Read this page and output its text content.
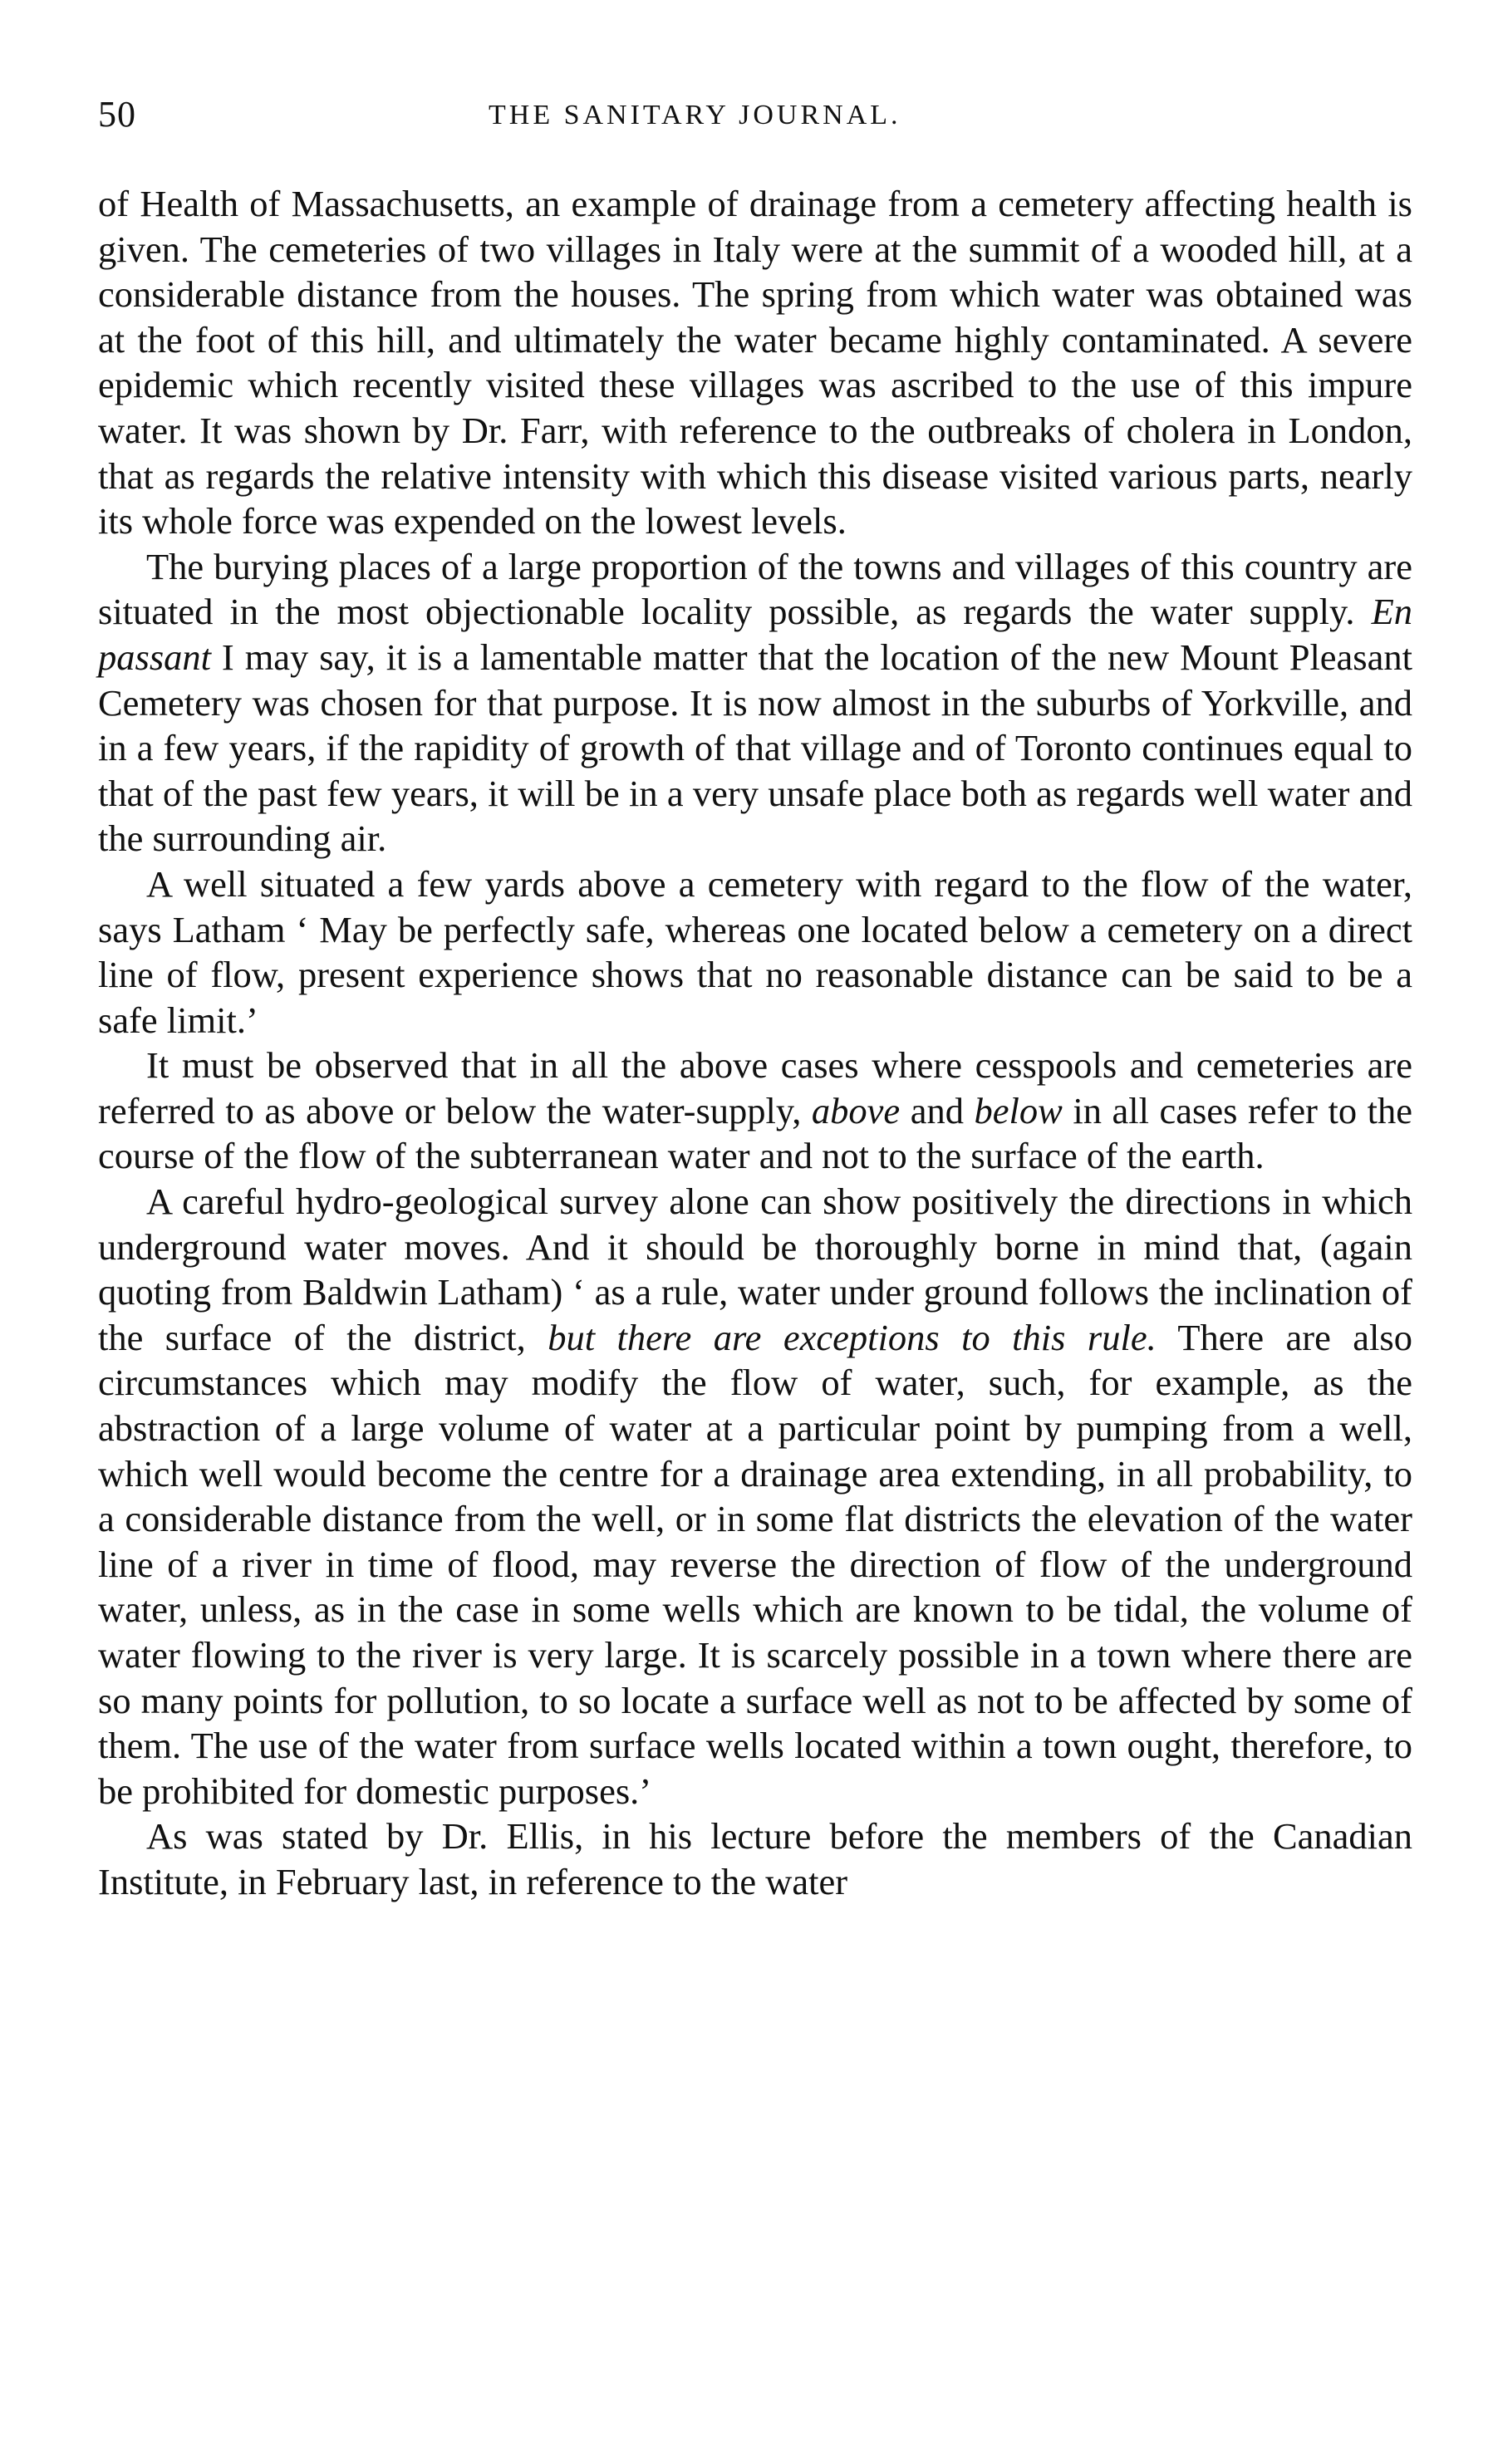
50	THE SANITARY JOURNAL.

of Health of Massachusetts, an example of drainage from a cemetery affecting health is given. The cemeteries of two villages in Italy were at the summit of a wooded hill, at a considerable distance from the houses. The spring from which water was obtained was at the foot of this hill, and ultimately the water became highly contaminated. A severe epidemic which recently visited these villages was ascribed to the use of this impure water. It was shown by Dr. Farr, with reference to the outbreaks of cholera in London, that as regards the relative intensity with which this disease visited various parts, nearly its whole force was expended on the lowest levels.

The burying places of a large proportion of the towns and villages of this country are situated in the most objectionable locality possible, as regards the water supply. En passant I may say, it is a lamentable matter that the location of the new Mount Pleasant Cemetery was chosen for that purpose. It is now almost in the suburbs of Yorkville, and in a few years, if the rapidity of growth of that village and of Toronto continues equal to that of the past few years, it will be in a very unsafe place both as regards well water and the surrounding air.

A well situated a few yards above a cemetery with regard to the flow of the water, says Latham ‘ May be perfectly safe, whereas one located below a cemetery on a direct line of flow, present experience shows that no reasonable distance can be said to be a safe limit.’

It must be observed that in all the above cases where cesspools and cemeteries are referred to as above or below the water-supply, above and below in all cases refer to the course of the flow of the subterranean water and not to the surface of the earth.

A careful hydro-geological survey alone can show positively the directions in which underground water moves. And it should be thoroughly borne in mind that, (again quoting from Baldwin Latham) ‘ as a rule, water under ground follows the inclination of the surface of the district, but there are exceptions to this rule. There are also circumstances which may modify the flow of water, such, for example, as the abstraction of a large volume of water at a particular point by pumping from a well, which well would become the centre for a drainage area extending, in all probability, to a considerable distance from the well, or in some flat districts the elevation of the water line of a river in time of flood, may reverse the direction of flow of the underground water, unless, as in the case in some wells which are known to be tidal, the volume of water flowing to the river is very large. It is scarcely possible in a town where there are so many points for pollution, to so locate a surface well as not to be affected by some of them. The use of the water from surface wells located within a town ought, therefore, to be prohibited for domestic purposes.’

As was stated by Dr. Ellis, in his lecture before the members of the Canadian Institute, in February last, in reference to the water
